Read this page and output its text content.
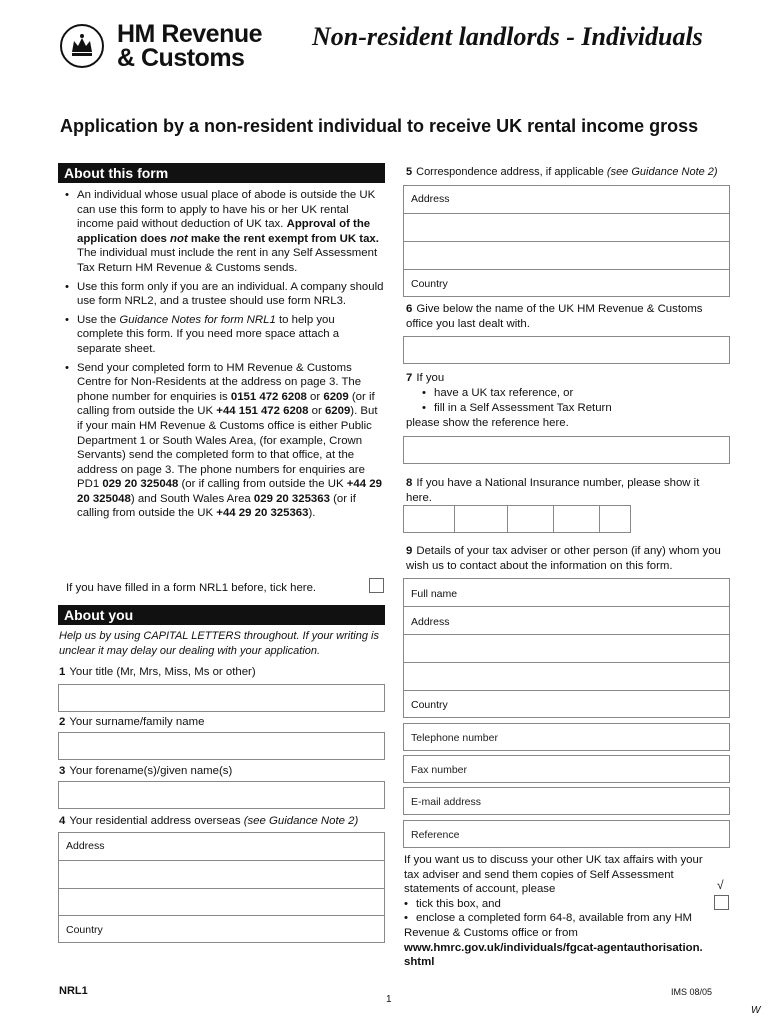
HM Revenue
& Customs
Non-resident landlords - Individuals
Application by a non-resident individual to receive UK rental income gross
About this form
• An individual whose usual place of abode is outside the UK can use this form to apply to have his or her UK rental income paid without deduction of UK tax. Approval of the application does not make the rent exempt from UK tax. The individual must include the rent in any Self Assessment Tax Return HM Revenue & Customs sends.
• Use this form only if you are an individual. A company should use form NRL2, and a trustee should use form NRL3.
• Use the Guidance Notes for form NRL1 to help you complete this form. If you need more space attach a separate sheet.
• Send your completed form to HM Revenue & Customs Centre for Non-Residents at the address on page 3. The phone number for enquiries is 0151 472 6208 or 6209 (or if calling from outside the UK +44 151 472 6208 or 6209). But if your main HM Revenue & Customs office is either Public Department 1 or South Wales Area, (for example, Crown Servants) send the completed form to that office, at the address on page 3. The phone numbers for enquiries are PD1 029 20 325048 (or if calling from outside the UK +44 29 20 325048) and South Wales Area 029 20 325363 (or if calling from outside the UK +44 29 20 325363).
If you have filled in a form NRL1 before, tick here.
About you
Help us by using CAPITAL LETTERS throughout. If your writing is unclear it may delay our dealing with your application.
1 Your title (Mr, Mrs, Miss, Ms or other)
2 Your surname/family name
3 Your forename(s)/given name(s)
4 Your residential address overseas (see Guidance Note 2)
Address
Country
5 Correspondence address, if applicable (see Guidance Note 2)
Address
Country
6 Give below the name of the UK HM Revenue & Customs office you last dealt with.
7 If you
• have a UK tax reference, or
• fill in a Self Assessment Tax Return
please show the reference here.
8 If you have a National Insurance number, please show it here.
9 Details of your tax adviser or other person (if any) whom you wish us to contact about the information on this form.
Full name
Address
Country
Telephone number
Fax number
E-mail address
Reference
If you want us to discuss your other UK tax affairs with your tax adviser and send them copies of Self Assessment statements of account, please
• tick this box, and
• enclose a completed form 64-8, available from any HM Revenue & Customs office or from
www.hmrc.gov.uk/individuals/fgcat-agentauthorisation.shtml
√
NRL1
1
IMS 08/05
W
